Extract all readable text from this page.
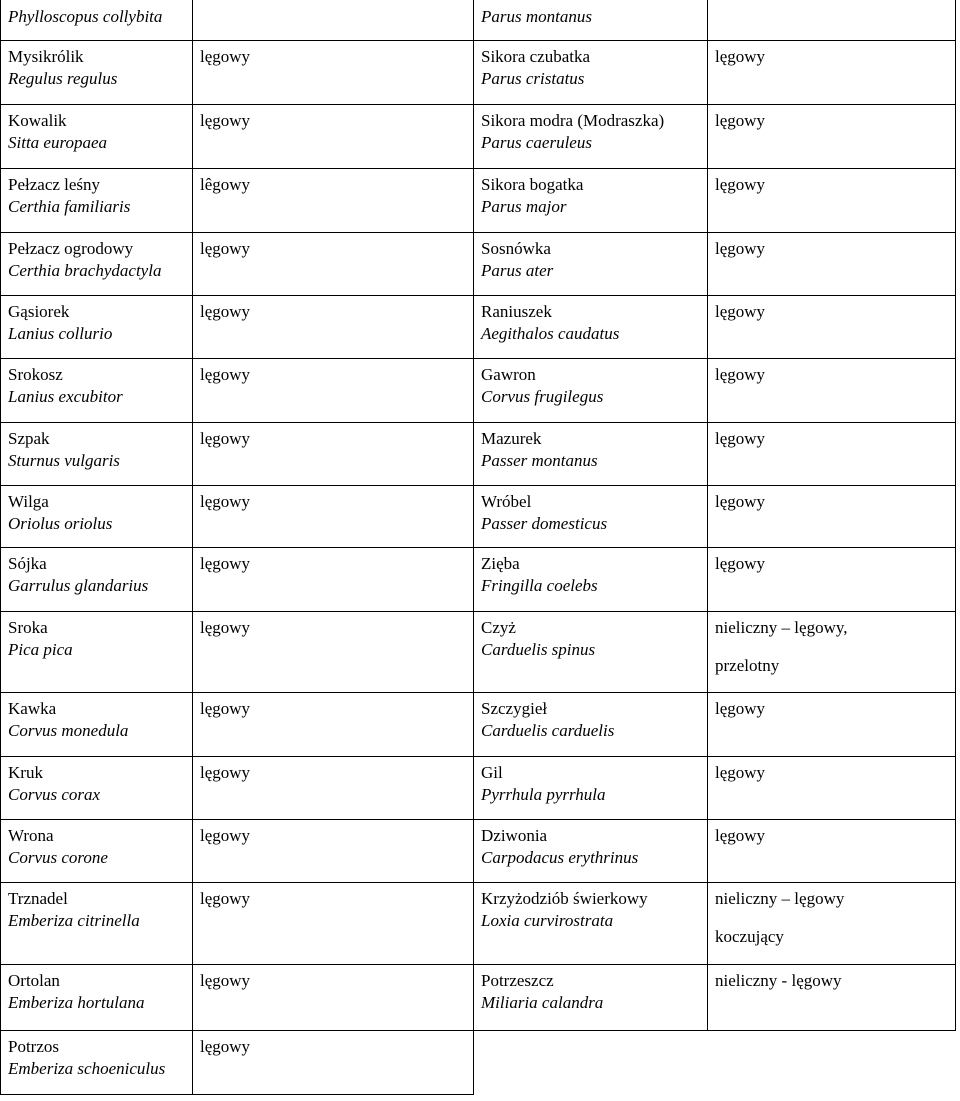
Phylloscopus collybita
Mysikrólik
Regulus regulus
lęgowy
Kowalik
Sitta europaea
lęgowy
Pełzacz leśny
Certhia familiaris
lêgowy
Pełzacz ogrodowy
Certhia brachydactyla
lęgowy
Gąsiorek
Lanius collurio
lęgowy
Srokosz
Lanius excubitor
lęgowy
Szpak
Sturnus vulgaris
lęgowy
Wilga
Oriolus oriolus
lęgowy
Sójka
Garrulus glandarius
lęgowy
Sroka
Pica pica
lęgowy
Kawka
Corvus monedula
lęgowy
Kruk
Corvus corax
lęgowy
Wrona
Corvus corone
lęgowy
Trznadel
Emberiza citrinella
lęgowy
Ortolan
Emberiza hortulana
lęgowy
Potrzos
Emberiza schoeniculus
lęgowy
Parus montanus
Sikora czubatka
Parus cristatus
lęgowy
Sikora modra (Modraszka)
Parus caeruleus
lęgowy
Sikora bogatka
Parus major
lęgowy
Sosnówka
Parus ater
lęgowy
Raniuszek
Aegithalos caudatus
lęgowy
Gawron
Corvus frugilegus
lęgowy
Mazurek
Passer montanus
lęgowy
Wróbel
Passer domesticus
lęgowy
Zięba
Fringilla coelebs
lęgowy
Czyż
Carduelis spinus
nieliczny – lęgowy,
przelotny
Szczygieł
Carduelis carduelis
lęgowy
Gil
Pyrrhula pyrrhula
lęgowy
Dziwonia
Carpodacus erythrinus
lęgowy
Krzyżodziób świerkowy
Loxia curvirostrata
nieliczny – lęgowy
koczujący
Potrzeszcz
Miliaria calandra
nieliczny - lęgowy
